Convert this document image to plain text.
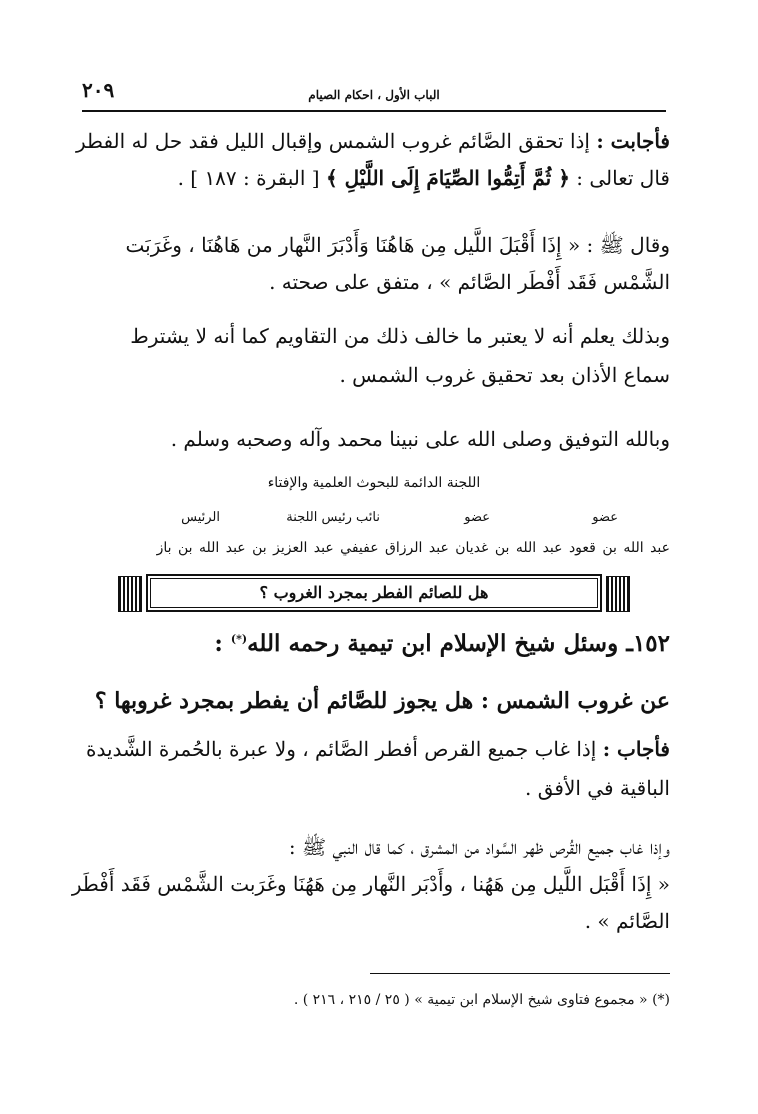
٢٠٩	الباب الأول ، احكام الصيام
فأجابت : إذا تحقق الصَّائم غروب الشمس وإقبال الليل فقد حل له الفطر
قال تعالى : ﴿ ثُمَّ أَتِمُّوا الصِّيَامَ إِلَى اللَّيْلِ ﴾ [ البقرة : ١٨٧ ] .
وقال ﷺ : « إِذَا أَقْبَلَ اللَّيل مِن هَاهُنَا وَأَدْبَرَ النَّهار من هَاهُنَا ، وغَرَبَت
الشَّمْس فَقَد أَفْطَر الصَّائم » ، متفق على صحته .
وبذلك يعلم أنه لا يعتبر ما خالف ذلك من التقاويم كما أنه لا يشترط
سماع الأذان بعد تحقيق غروب الشمس .
وبالله التوفيق وصلى الله على نبينا محمد وآله وصحبه وسلم .
اللجنة الدائمة للبحوث العلمية والإفتاء
عضو
عضو
نائب رئيس اللجنة
الرئيس
عبد الله بن قعود عبد الله بن غديان عبد الرزاق عفيفي عبد العزيز بن عبد الله بن باز
هل للصائم الفطر بمجرد الغروب ؟
١٥٢ـ وسئل شيخ الإسلام ابن تيمية رحمه الله(*) :
عن غروب الشمس : هل يجوز للصَّائم أن يفطر بمجرد غروبها ؟
فأجاب : إذا غاب جميع القرص أفطر الصَّائم ، ولا عبرة بالحُمرة الشَّديدة
الباقية في الأفق .
وإذا غاب جميع القُرص ظهر السَّواد من المشرق ، كما قال النبي ﷺ :
« إِذَا أَقْبَل اللَّيل مِن هَهُنا ، وأَدْبَر النَّهار مِن هَهُنَا وغَرَبت الشَّمْس فَقَد أَفْطَر
الصَّائم » .
(*) « مجموع فتاوى شيخ الإسلام ابن تيمية » ( ٢٥ / ٢١٥ ، ٢١٦ ) .
